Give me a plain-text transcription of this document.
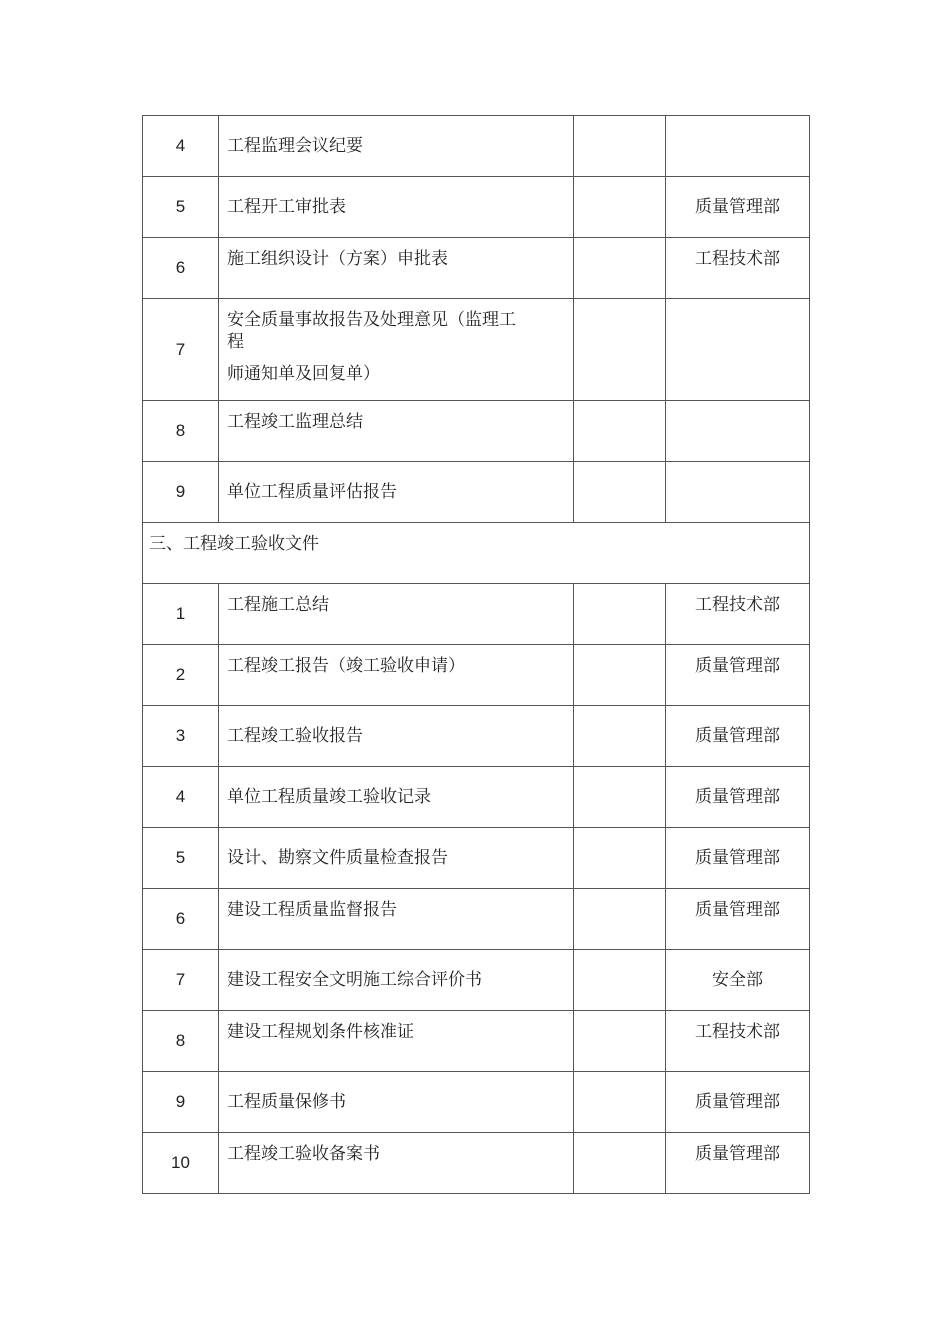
4	工程监理会议纪要		
5	工程开工审批表		质量管理部
6	施工组织设计（方案）申批表		工程技术部
7	安全质量事故报告及处理意见（监理工
程
师通知单及回复单）		

8	工程竣工监理总结		
9	单位工程质量评估报告		
三、工程竣工验收文件			
1	工程施工总结		工程技术部
2	工程竣工报告（竣工验收申请）		质量管理部
3	工程竣工验收报告		质量管理部
4	单位工程质量竣工验收记录		质量管理部
5	设计、勘察文件质量检查报告		质量管理部
6	建设工程质量监督报告		质量管理部
7	建设工程安全文明施工综合评价书		安全部
8	建设工程规划条件核准证		工程技术部
9	工程质量保修书		质量管理部
10	工程竣工验收备案书		质量管理部
